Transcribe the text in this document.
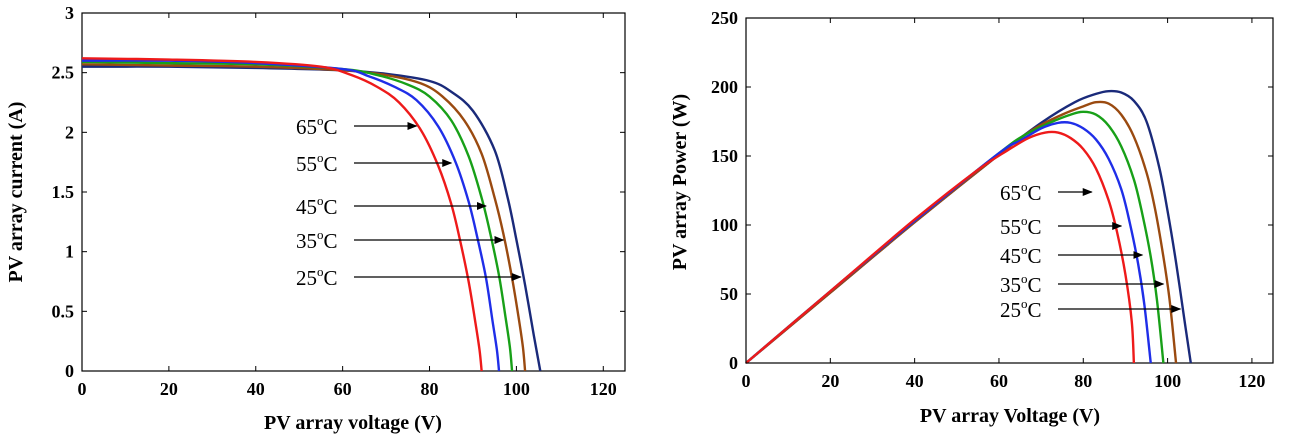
0	20	40	60	80	100	120
0
0.5
1
1.5
2
2.5
3
65$^o$C
55$^o$C
45$^o$C
35$^o$C
25$^o$C
PV array voltage (V)
PV array current (A)
0	20	40	60	80	100	120
0
50
100
150
200
250
65$^o$C
55$^o$C
45$^o$C
35$^o$C
25$^o$C
PV array Voltage (V)
PV array Power (W)
